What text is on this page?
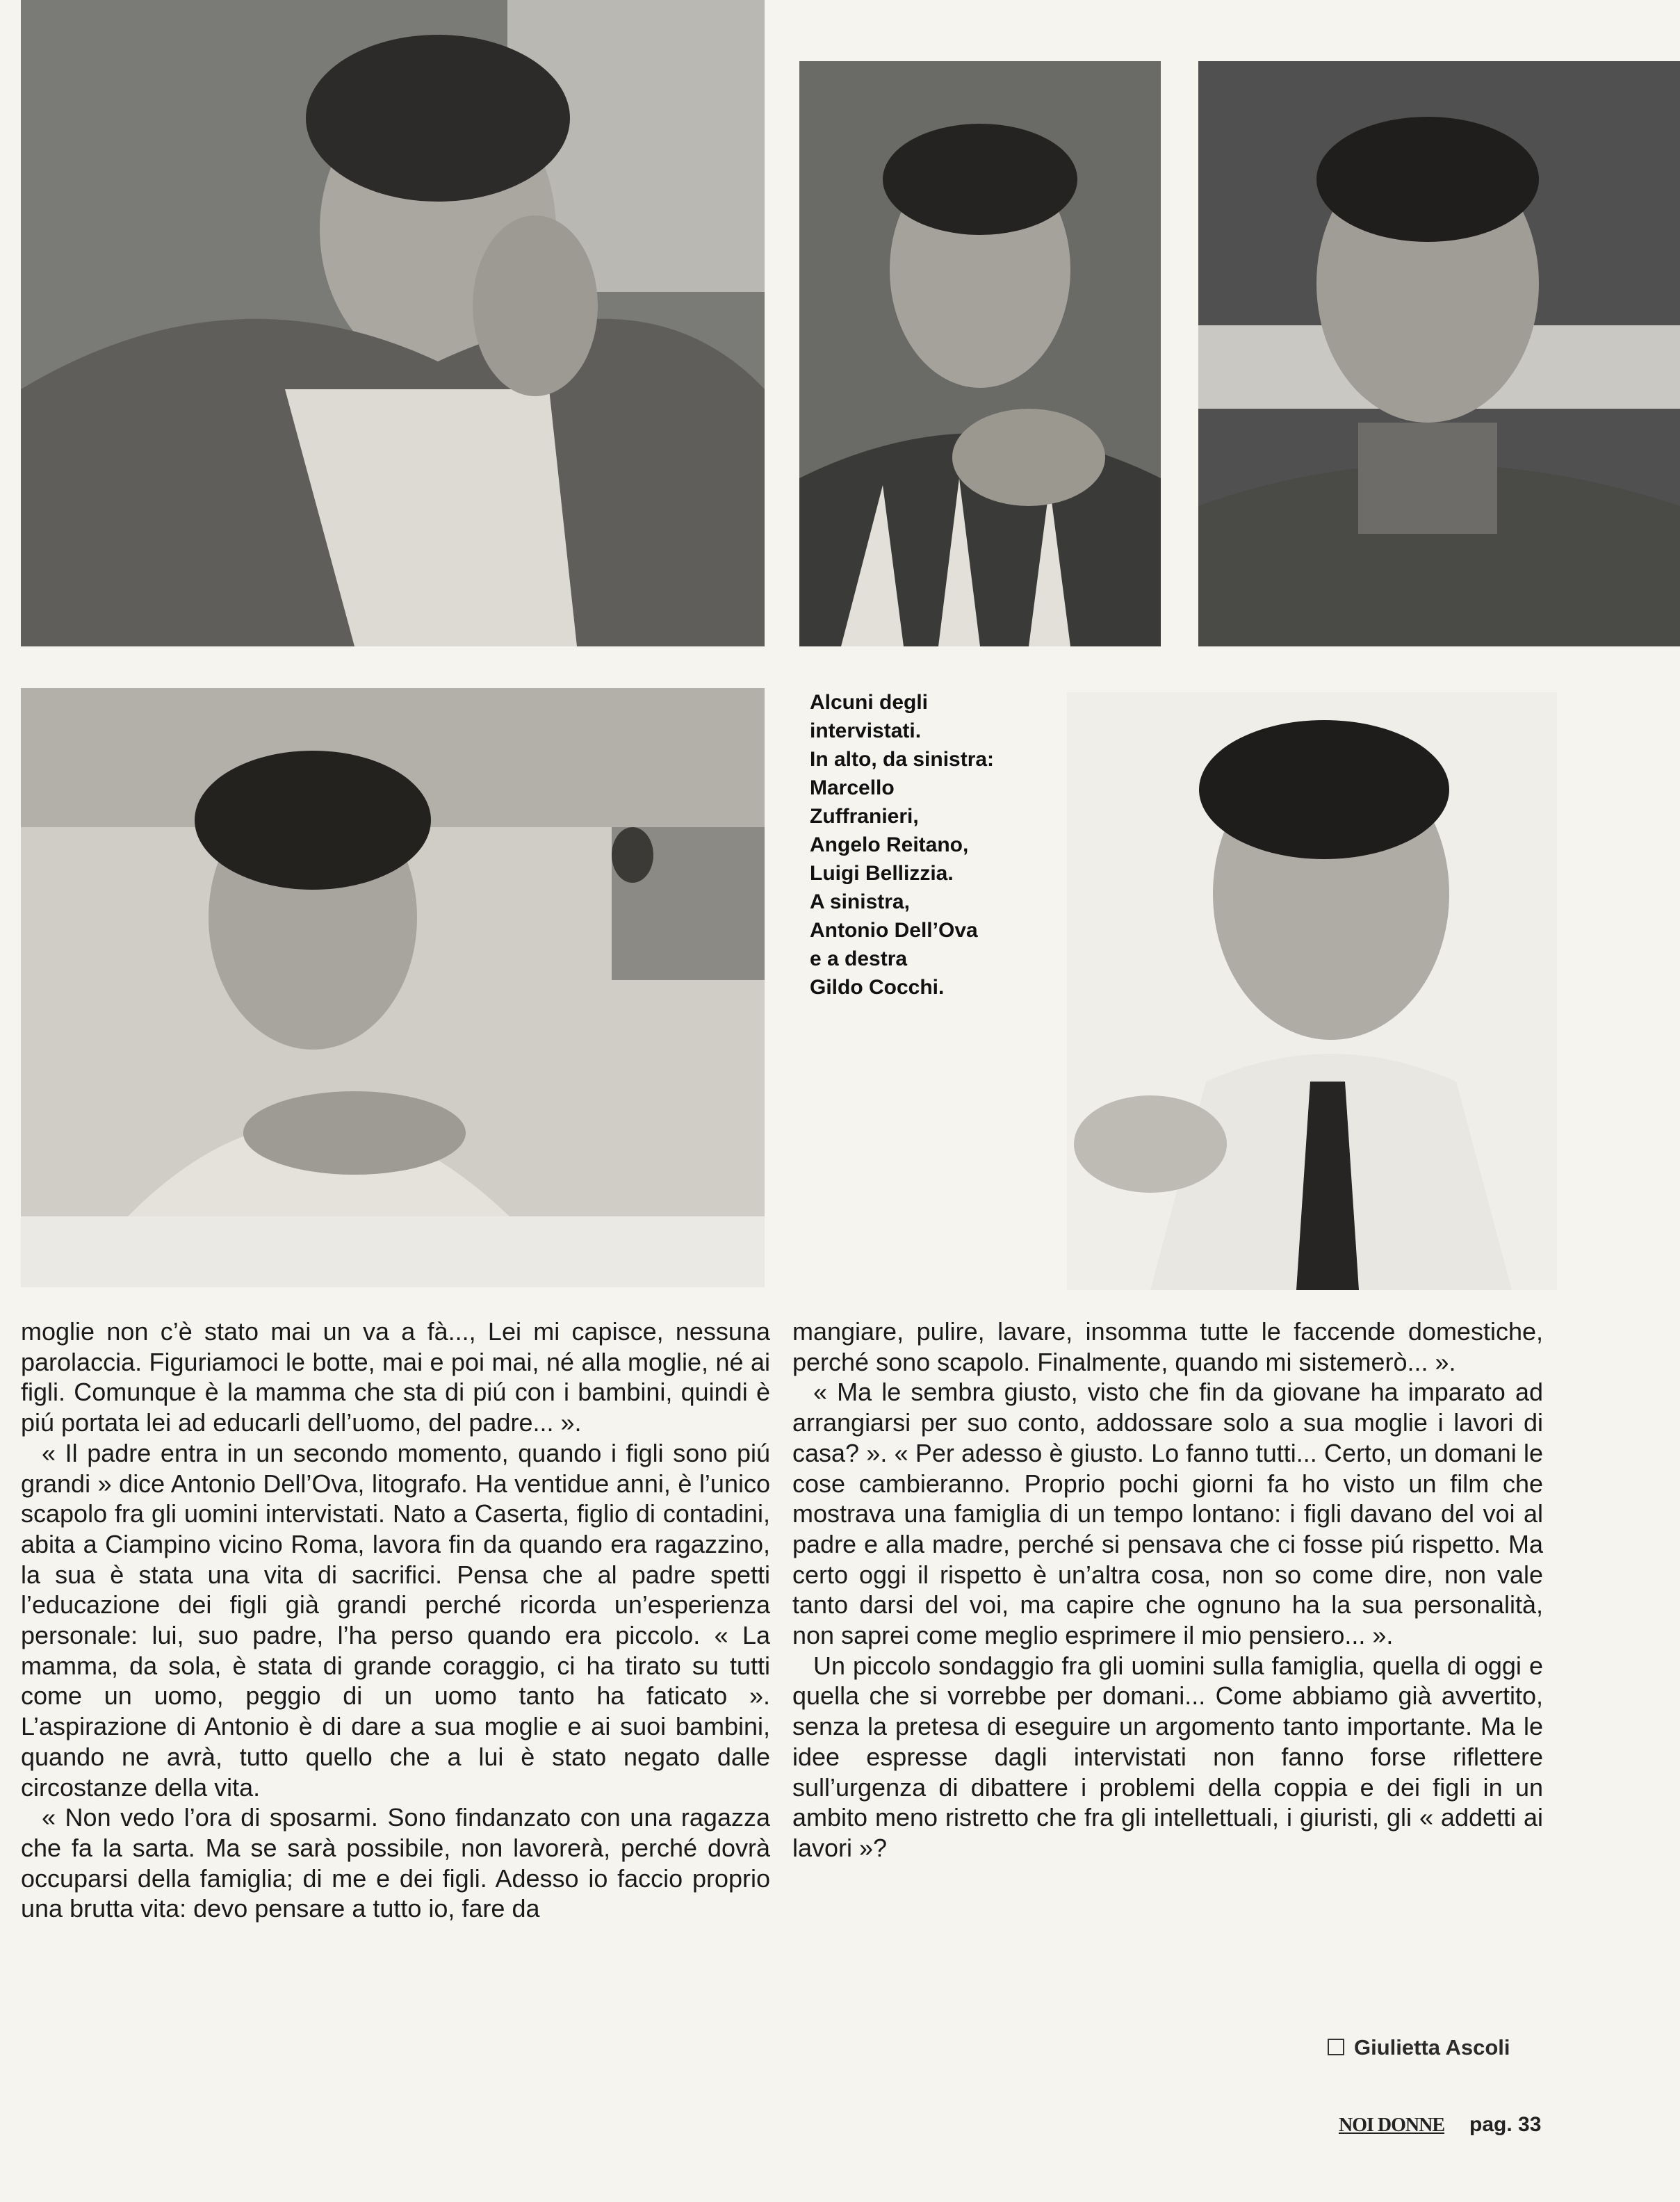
Alcuni degli
intervistati.
In alto, da sinistra:
Marcello
Zuffranieri,
Angelo Reitano,
Luigi Bellizzia.
A sinistra,
Antonio Dell’Ova
e a destra
Gildo Cocchi.

moglie non c’è stato mai un va a fà..., Lei mi capisce, nessuna parolaccia. Figuriamoci le botte, mai e poi mai, né alla moglie, né ai figli. Comunque è la mamma che sta di piú con i bambini, quindi è piú portata lei ad educarli dell’uomo, del padre... ».

« Il padre entra in un secondo momento, quando i figli sono piú grandi » dice Antonio Dell’Ova, litografo. Ha ventidue anni, è l’unico scapolo fra gli uomini intervistati. Nato a Caserta, figlio di contadini, abita a Ciampino vicino Roma, lavora fin da quando era ragazzino, la sua è stata una vita di sacrifici. Pensa che al padre spetti l’educazione dei figli già grandi perché ricorda un’esperienza personale: lui, suo padre, l’ha perso quando era piccolo. « La mamma, da sola, è stata di grande coraggio, ci ha tirato su tutti come un uomo, peggio di un uomo tanto ha faticato ». L’aspirazione di Antonio è di dare a sua moglie e ai suoi bambini, quando ne avrà, tutto quello che a lui è stato negato dalle circostanze della vita.

« Non vedo l’ora di sposarmi. Sono findanzato con una ragazza che fa la sarta. Ma se sarà possibile, non lavorerà, perché dovrà occuparsi della famiglia; di me e dei figli. Adesso io faccio proprio una brutta vita: devo pensare a tutto io, fare da

mangiare, pulire, lavare, insomma tutte le faccende domestiche, perché sono scapolo. Finalmente, quando mi sistemerò... ».

« Ma le sembra giusto, visto che fin da giovane ha imparato ad arrangiarsi per suo conto, addossare solo a sua moglie i lavori di casa? ». « Per adesso è giusto. Lo fanno tutti... Certo, un domani le cose cambieranno. Proprio pochi giorni fa ho visto un film che mostrava una famiglia di un tempo lontano: i figli davano del voi al padre e alla madre, perché si pensava che ci fosse piú rispetto. Ma certo oggi il rispetto è un’altra cosa, non so come dire, non vale tanto darsi del voi, ma capire che ognuno ha la sua personalità, non saprei come meglio esprimere il mio pensiero... ».

Un piccolo sondaggio fra gli uomini sulla famiglia, quella di oggi e quella che si vorrebbe per domani... Come abbiamo già avvertito, senza la pretesa di eseguire un argomento tanto importante. Ma le idee espresse dagli intervistati non fanno forse riflettere sull’urgenza di dibattere i problemi della coppia e dei figli in un ambito meno ristretto che fra gli intellettuali, i giuristi, gli « addetti ai lavori »?

Giulietta Ascoli
NOI DONNE pag. 33
